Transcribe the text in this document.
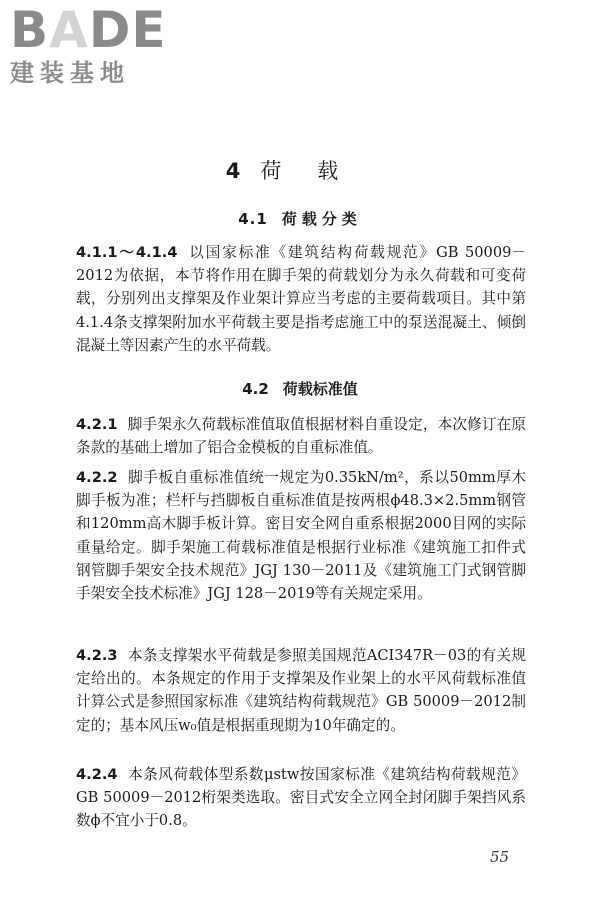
BADE
建装基地
4 荷载
4.1 荷载分类

4.1.1～4.1.4 以国家标准《建筑结构荷载规范》GB 50009－2012为依据，本节将作用在脚手架的荷载划分为永久荷载和可变荷载，分别列出支撑架及作业架计算应当考虑的主要荷载项目。其中第4.1.4条支撑架附加水平荷载主要是指考虑施工中的泵送混凝土、倾倒混凝土等因素产生的水平荷载。

4.2 荷载标准值

4.2.1 脚手架永久荷载标准值取值根据材料自重设定，本次修订在原条款的基础上增加了铝合金模板的自重标准值。

4.2.2 脚手板自重标准值统一规定为0.35kN/m²，系以50mm厚木脚手板为准；栏杆与挡脚板自重标准值是按两根ϕ48.3×2.5mm钢管和120mm高木脚手板计算。密目安全网自重系根据2000目网的实际重量给定。脚手架施工荷载标准值是根据行业标准《建筑施工扣件式钢管脚手架安全技术规范》JGJ 130－2011及《建筑施工门式钢管脚手架安全技术标准》JGJ 128－2019等有关规定采用。

4.2.3 本条支撑架水平荷载是参照美国规范ACI347R－03的有关规定给出的。本条规定的作用于支撑架及作业架上的水平风荷载标准值计算公式是参照国家标准《建筑结构荷载规范》GB 50009－2012制定的；基本风压w₀值是根据重现期为10年确定的。

4.2.4 本条风荷载体型系数μstw按国家标准《建筑结构荷载规范》GB 50009－2012桁架类选取。密目式安全立网全封闭脚手架挡风系数ϕ不宜小于0.8。

55
